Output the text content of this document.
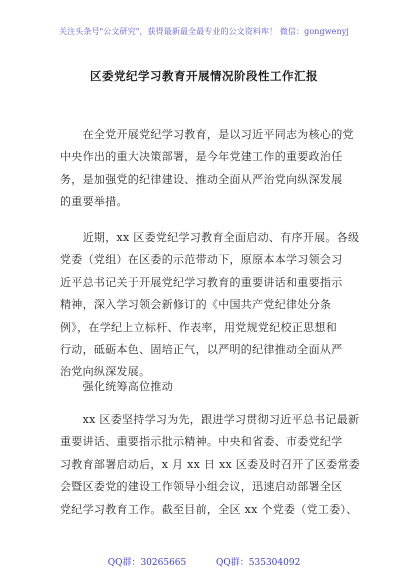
关注头条号"公文研究"，获得最新最全最专业的公文资料库！ 微信：gongwenyj
区委党纪学习教育开展情况阶段性工作汇报
　　在全党开展党纪学习教育，是以习近平同志为核心的党
中央作出的重大决策部署，是今年党建工作的重要政治任
务，是加强党的纪律建设、推动全面从严治党向纵深发展
的重要举措。
　　近期，xx 区委党纪学习教育全面启动、有序开展。各级
党委（党组）在区委的示范带动下，原原本本学习领会习
近平总书记关于开展党纪学习教育的重要讲话和重要指示
精神，深入学习领会新修订的《中国共产党纪律处分条
例》，在学纪上立标杆、作表率，用党规党纪校正思想和
行动，砥砺本色、固培正气，以严明的纪律推动全面从严
治党向纵深发展。
　　强化统筹高位推动
　　xx 区委坚持学习为先，跟进学习贯彻习近平总书记最新
重要讲话、重要指示批示精神。中央和省委、市委党纪学
习教育部署启动后，x 月 xx 日 xx 区委及时召开了区委常委
会暨区委党的建设工作领导小组会议，迅速启动部署全区
党纪学习教育工作。截至目前，全区 xx 个党委（党工委）、
QQ群：30265665	QQ群：535304092
